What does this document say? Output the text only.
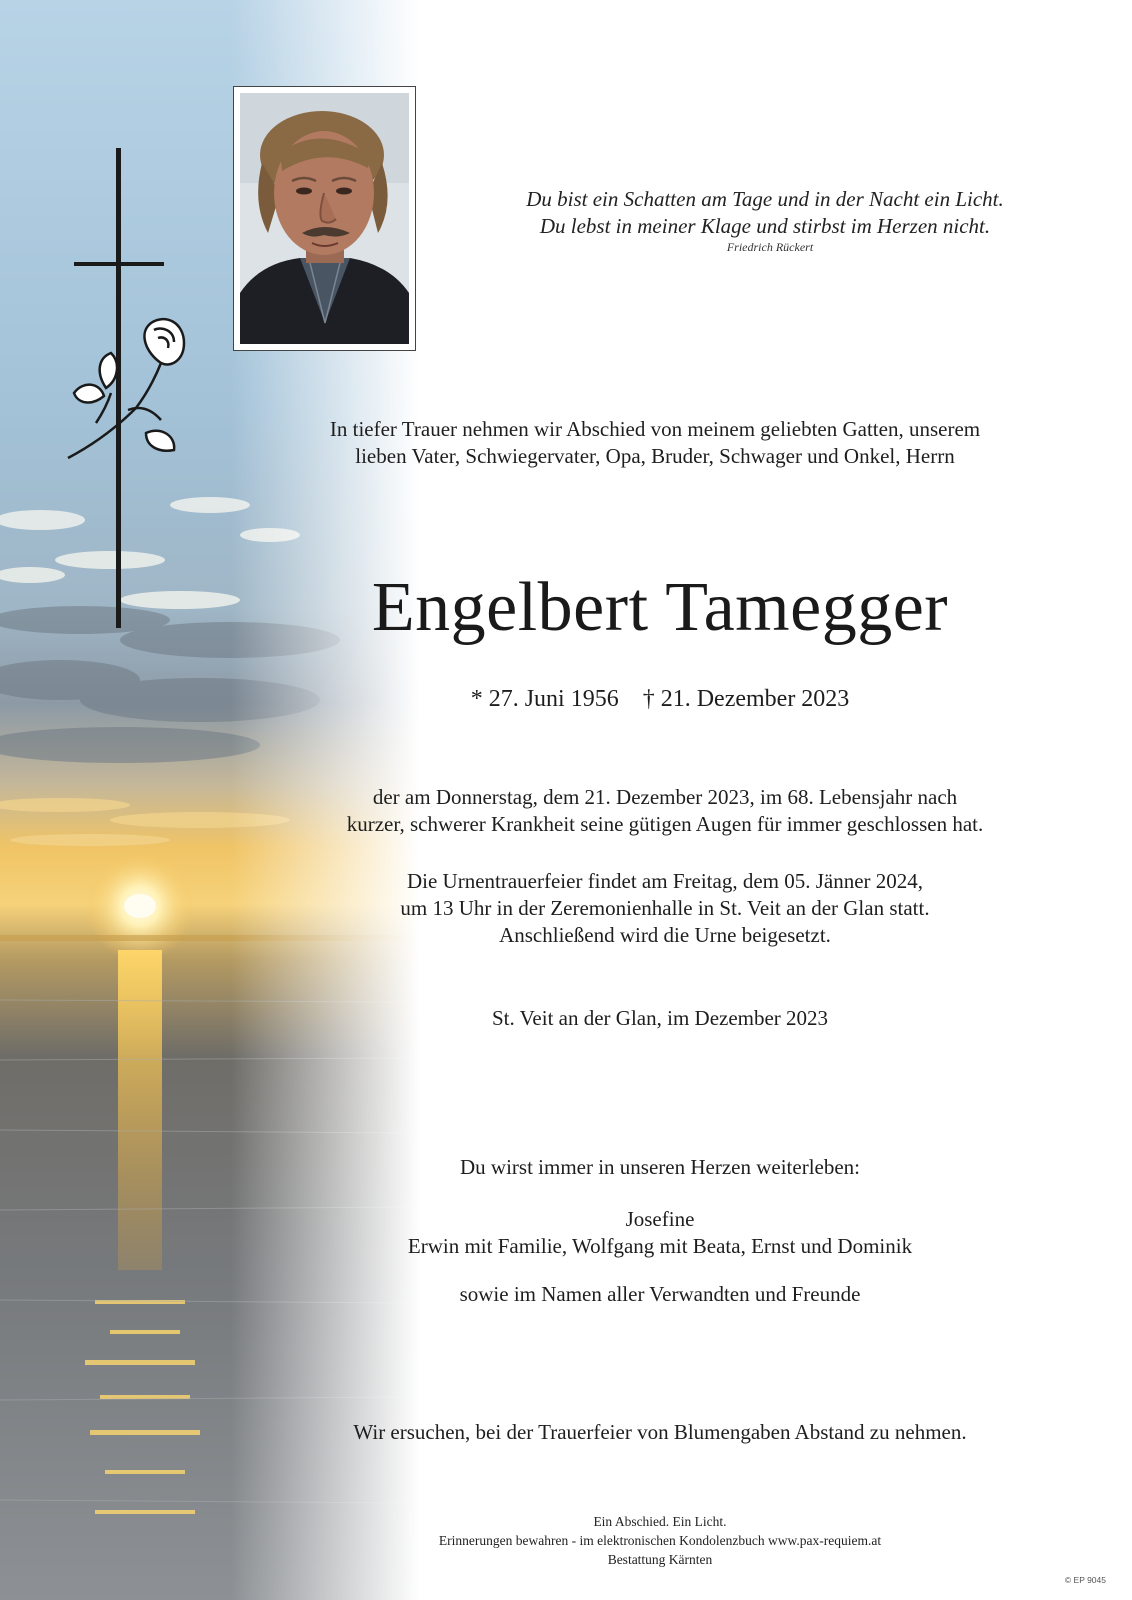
Du bist ein Schatten am Tage und in der Nacht ein Licht.
Du lebst in meiner Klage und stirbst im Herzen nicht.
Friedrich Rückert
In tiefer Trauer nehmen wir Abschied von meinem geliebten Gatten, unserem
lieben Vater, Schwiegervater, Opa, Bruder, Schwager und Onkel, Herrn
Engelbert Tamegger
* 27. Juni 1956 † 21. Dezember 2023
der am Donnerstag, dem 21. Dezember 2023, im 68. Lebensjahr nach
kurzer, schwerer Krankheit seine gütigen Augen für immer geschlossen hat.
Die Urnentrauerfeier findet am Freitag, dem 05. Jänner 2024,
um 13 Uhr in der Zeremonienhalle in St. Veit an der Glan statt.
Anschließend wird die Urne beigesetzt.
St. Veit an der Glan, im Dezember 2023
Du wirst immer in unseren Herzen weiterleben:
Josefine
Erwin mit Familie, Wolfgang mit Beata, Ernst und Dominik
sowie im Namen aller Verwandten und Freunde
Wir ersuchen, bei der Trauerfeier von Blumengaben Abstand zu nehmen.
Ein Abschied. Ein Licht.
Erinnerungen bewahren - im elektronischen Kondolenzbuch www.pax-requiem.at
Bestattung Kärnten
© EP 9045
